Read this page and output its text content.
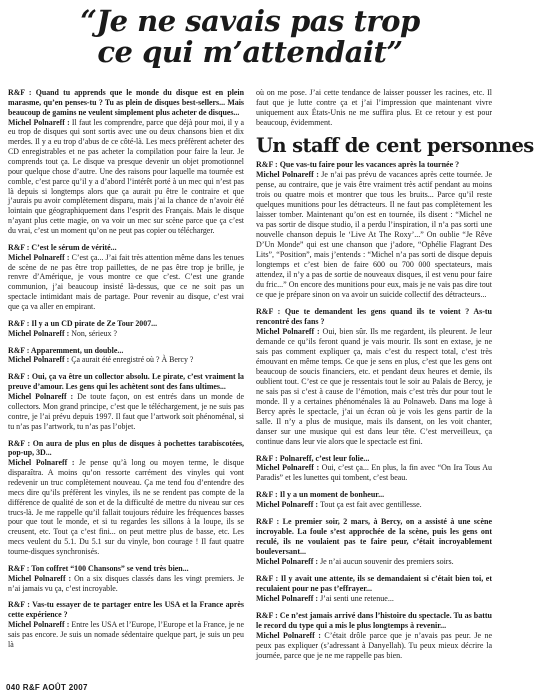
“Je ne savais pas trop
ce qui m’attendait”

R&F : Quand tu apprends que le monde du disque est en plein marasme, qu’en penses-tu ? Tu as plein de disques best-sellers... Mais beaucoup de gamins ne veulent simplement plus acheter de disques...
Michel Polnareff : Il faut les comprendre, parce que déjà pour moi, il y a eu trop de disques qui sont sortis avec une ou deux chansons bien et dix merdes. Il y a eu trop d’abus de ce côté-là. Les mecs préfèrent acheter des CD enregistrables et ne pas acheter la compilation pour faire la leur. Je comprends tout ça. Le disque va presque devenir un objet promotionnel pour quelque chose d’autre. Une des raisons pour laquelle ma tournée est comble, c’est parce qu’il y a d’abord l’intérêt porté à un mec qui n’est pas là depuis si longtemps alors que ça aurait pu être le contraire et que j’aurais pu avoir complètement disparu, mais j’ai la chance de n’avoir été lointain que géographiquement dans l’esprit des Français. Mais le disque n’ayant plus cette magie, on va voir un mec sur scène parce que ça c’est du vrai, c’est un moment qu’on ne peut pas copier ou télécharger.

R&F : C’est le sérum de vérité...
Michel Polnareff : C’est ça... J’ai fait très attention même dans les tenues de scène de ne pas être trop paillettes, de ne pas être trop je brille, je renvre d’Amérique, je vous montre ce que c’est. C’est une grande communion, j’ai beaucoup insisté là-dessus, que ce ne soit pas un spectacle intimidant mais de partage. Pour revenir au disque, c’est vrai que ça va aller en empirant.

R&F : Il y a un CD pirate de Ze Tour 2007...
Michel Polnareff : Non, sérieux ?

R&F : Apparemment, un double...
Michel Polnareff : Ça aurait été enregistré où ? À Bercy ?

R&F : Oui, ça va être un collector absolu. Le pirate, c’est vraiment la preuve d’amour. Les gens qui les achètent sont des fans ultimes...
Michel Polnareff : De toute façon, on est entrés dans un monde de collectors. Mon grand principe, c’est que le téléchargement, je ne suis pas contre, je l’ai prévu depuis 1997. Il faut que l’artwork soit phénoménal, si tu n’as pas l’artwork, tu n’as pas l’objet.

R&F : On aura de plus en plus de disques à pochettes tarabiscotées, pop-up, 3D...
Michel Polnareff : Je pense qu’à long ou moyen terme, le disque disparaîtra. A moins qu’on ressorte carrément des vinyles qui vont redevenir un truc complètement nouveau. Ça me tend fou d’entendre des mecs dire qu’ils préfèrent les vinyles, ils ne se rendent pas compte de la différence de qualité de son et de la difficulté de mettre du niveau sur ces trucs-là. Je me rappelle qu’il fallait toujours réduire les fréquences basses pour que tout le monde, et si tu regardes les sillons à la loupe, ils se creusent, etc. Tout ça c’est fini... on peut mettre plus de basse, etc. Les mecs veulent du 5.1. Du 5.1 sur du vinyle, bon courage ! Il faut quatre tourne-disques synchronisés.

R&F : Ton coffret “100 Chansons” se vend très bien...
Michel Polnareff : On a six disques classés dans les vingt premiers. Je n’ai jamais vu ça, c’est incroyable.

R&F : Vas-tu essayer de te partager entre les USA et la France après cette expérience ?
Michel Polnareff : Entre les USA et l’Europe, l’Europe et la France, je ne sais pas encore. Je suis un nomade sédentaire quelque part, je suis un peu là

où on me pose. J’ai cette tendance de laisser pousser les racines, etc. Il faut que je lutte contre ça et j’ai l’impression que maintenant vivre uniquement aux États-Unis ne me suffira plus. Et ce retour y est pour beaucoup, évidemment.

Un staff de cent personnes

R&F : Que vas-tu faire pour les vacances après la tournée ?
Michel Polnareff : Je n’ai pas prévu de vacances après cette tournée. Je pense, au contraire, que je vais être vraiment très actif pendant au moins trois ou quatre mois et montrer que tous les bruits... Parce qu’il reste quelques munitions pour les détracteurs. Il ne faut pas complètement les laisser tomber. Maintenant qu’on est en tournée, ils disent : “Michel ne va pas sortir de disque studio, il a perdu l’inspiration, il n’a pas sorti une nouvelle chanson depuis le ‘Live At The Roxy’...” On oublie “Je Rêve D’Un Monde” qui est une chanson que j’adore, “Ophélie Flagrant Des Lits”, “Position”, mais j’entends : “Michel n’a pas sorti de disque depuis longtemps et c’est bien de faire 600 ou 700 000 spectateurs, mais attendez, il n’y a pas de sortie de nouveaux disques, il est venu pour faire du fric...” On encore des munitions pour eux, mais je ne vais pas dire tout ce que je prépare sinon on va avoir un suicide collectif des détracteurs...

R&F : Que te demandent les gens quand ils te voient ? As-tu rencontré des fans ?
Michel Polnareff : Oui, bien sûr. Ils me regardent, ils pleurent. Je leur demande ce qu’ils feront quand je vais mourir. Ils sont en extase, je ne sais pas comment expliquer ça, mais c’est du respect total, c’est très émouvant en même temps. Ce que je sens en plus, c’est que les gens ont beaucoup de soucis financiers, etc. et pendant deux heures et demie, ils oublient tout. C’est ce que je ressentais tout le soir au Palais de Bercy, je ne sais pas si c’est à cause de l’émotion, mais c’est très dur pour tout le monde. Il y a certaines phénoménales là au Polnaweb. Dans ma loge à Bercy après le spectacle, j’ai un écran où je vois les gens partir de la salle. Il n’y a plus de musique, mais ils dansent, on les voit chanter, danser sur une musique qui est dans leur tête. C’est merveilleux, ça continue dans leur vie alors que le spectacle est fini.

R&F : Polnareff, c’est leur folie...
Michel Polnareff : Oui, c’est ça... En plus, la fin avec “On Ira Tous Au Paradis” et les lunettes qui tombent, c’est beau.

R&F : Il y a un moment de bonheur...
Michel Polnareff : Tout ça est fait avec gentillesse.

R&F : Le premier soir, 2 mars, à Bercy, on a assisté à une scène incroyable. La foule s’est approchée de la scène, puis les gens ont reculé, ils ne voulaient pas te faire peur, c’était incroyablement bouleversant...
Michel Polnareff : Je n’ai aucun souvenir des premiers soirs.

R&F : Il y avait une attente, ils se demandaient si c’était bien toi, et reculaient pour ne pas t’effrayer...
Michel Polnareff : J’ai senti une retenue...

R&F : Ce n’est jamais arrivé dans l’histoire du spectacle. Tu as battu le record du type qui a mis le plus longtemps à revenir...
Michel Polnareff : C’était drôle parce que je n’avais pas peur. Je ne peux pas expliquer (s’adressant à Danyellah). Tu peux mieux décrire la journée, parce que je ne me rappelle pas bien.

040 R&F AOÛT 2007
